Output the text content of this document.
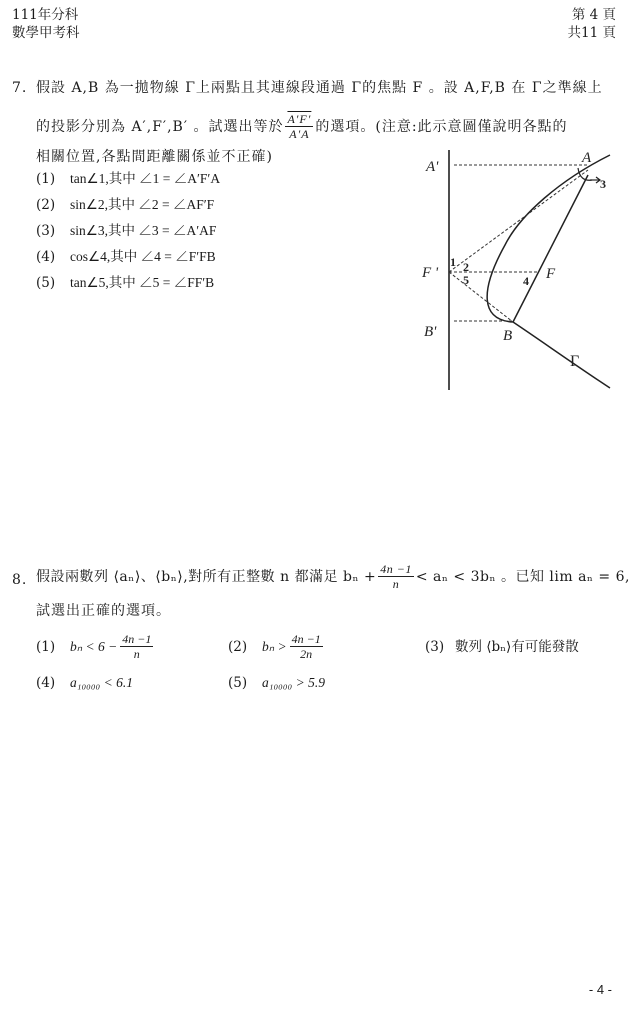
111年分科
數學甲考科
第 4 頁
共11 頁
7. 假設 A,B 為一拋物線 Γ上兩點且其連線段通過 Γ的焦點 F 。設 A,F,B 在 Γ之準線上
的投影分別為 A′,F′,B′ 。試選出等於 $\frac{A'F'}{A'A}$ 的選項。(注意:此示意圖僅說明各點的
相關位置,各點間距離關係並不正確)
(1) tan∠1,其中 ∠1 = ∠A′F′A
(2) sin∠2,其中 ∠2 = ∠AF′F
(3) sin∠3,其中 ∠3 = ∠A′AF
(4) cos∠4,其中 ∠4 = ∠F′FB
(5) tan∠5,其中 ∠5 = ∠FF′B
A'
F '
B'
A
B
F
Γ
1 2
5	4
3
8. 假設兩數列 ⟨aₙ⟩、⟨bₙ⟩,對所有正整數 n 都滿足 $b_n + \frac{4n -1}{n} < a_n < 3b_n$ 。已知 lim aₙ = 6,
試選出正確的選項。
(1)	$b_n < 6 - \frac{4n -1}{n}$	(2)	$b_n > \frac{4n -1}{2n}$	(3) 數列 ⟨bₙ⟩有可能發散
(4) a₁₀₀₀₀ < 6.1	(5) a₁₀₀₀₀ > 5.9
- 4 -
